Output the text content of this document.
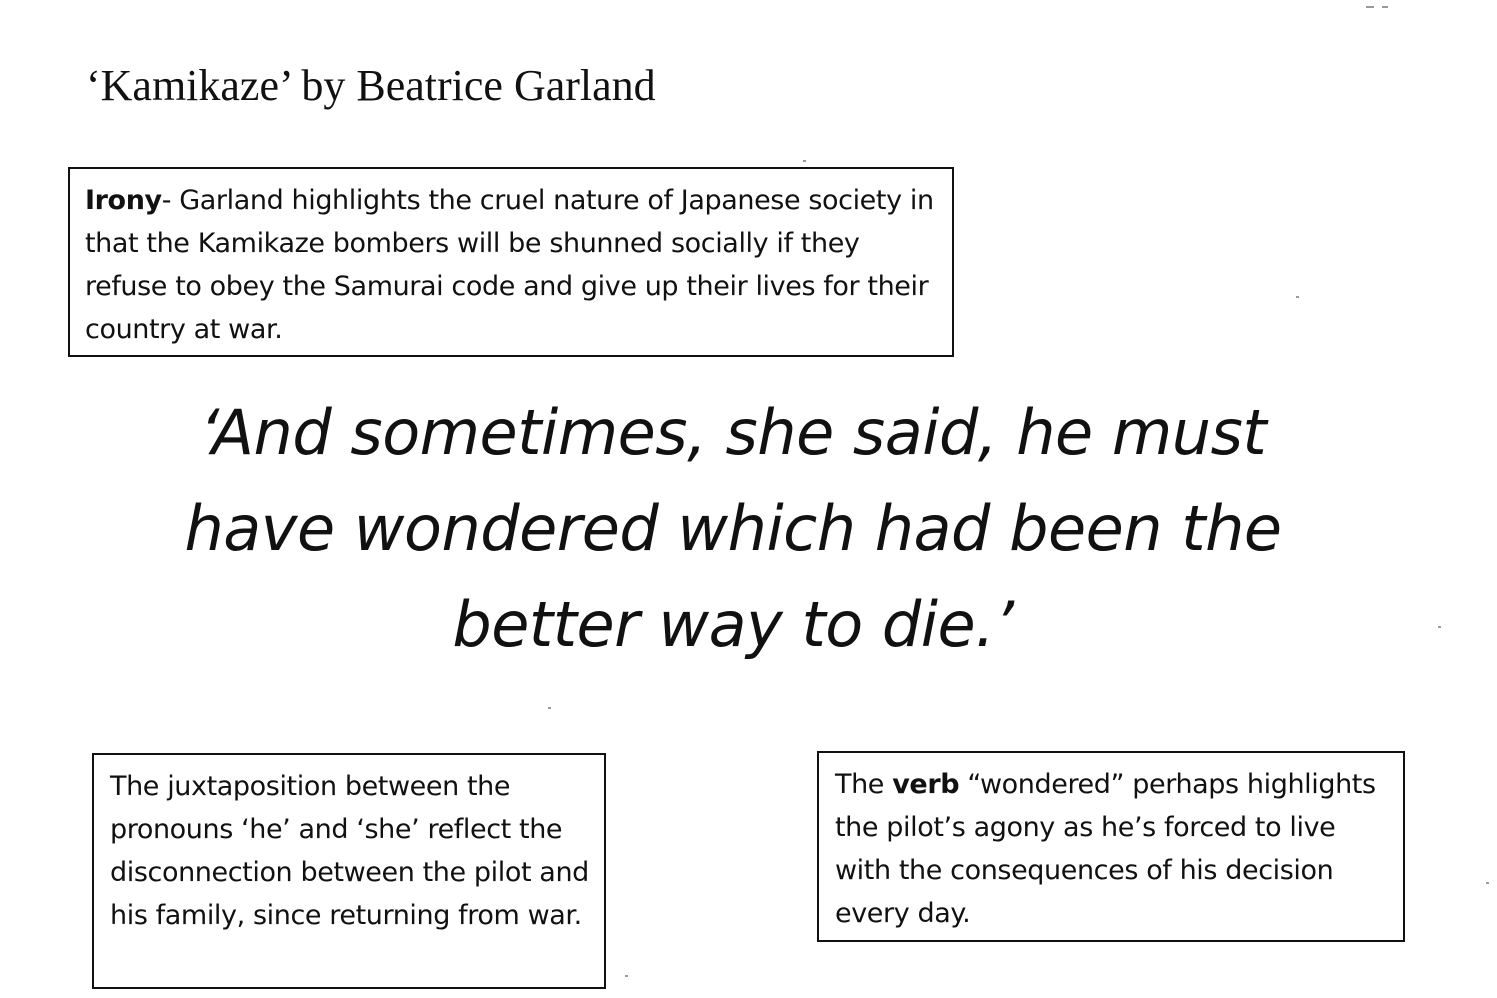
‘Kamikaze’ by Beatrice Garland
Irony- Garland highlights the cruel nature of Japanese society in that the Kamikaze bombers will be shunned socially if they refuse to obey the Samurai code and give up their lives for their country at war.
‘And sometimes, she said, he must
have wondered which had been the
better way to die.’
The juxtaposition between the pronouns ‘he’ and ‘she’ reflect the disconnection between the pilot and his family, since returning from war.
The verb “wondered” perhaps highlights the pilot’s agony as he’s forced to live with the consequences of his decision every day.
